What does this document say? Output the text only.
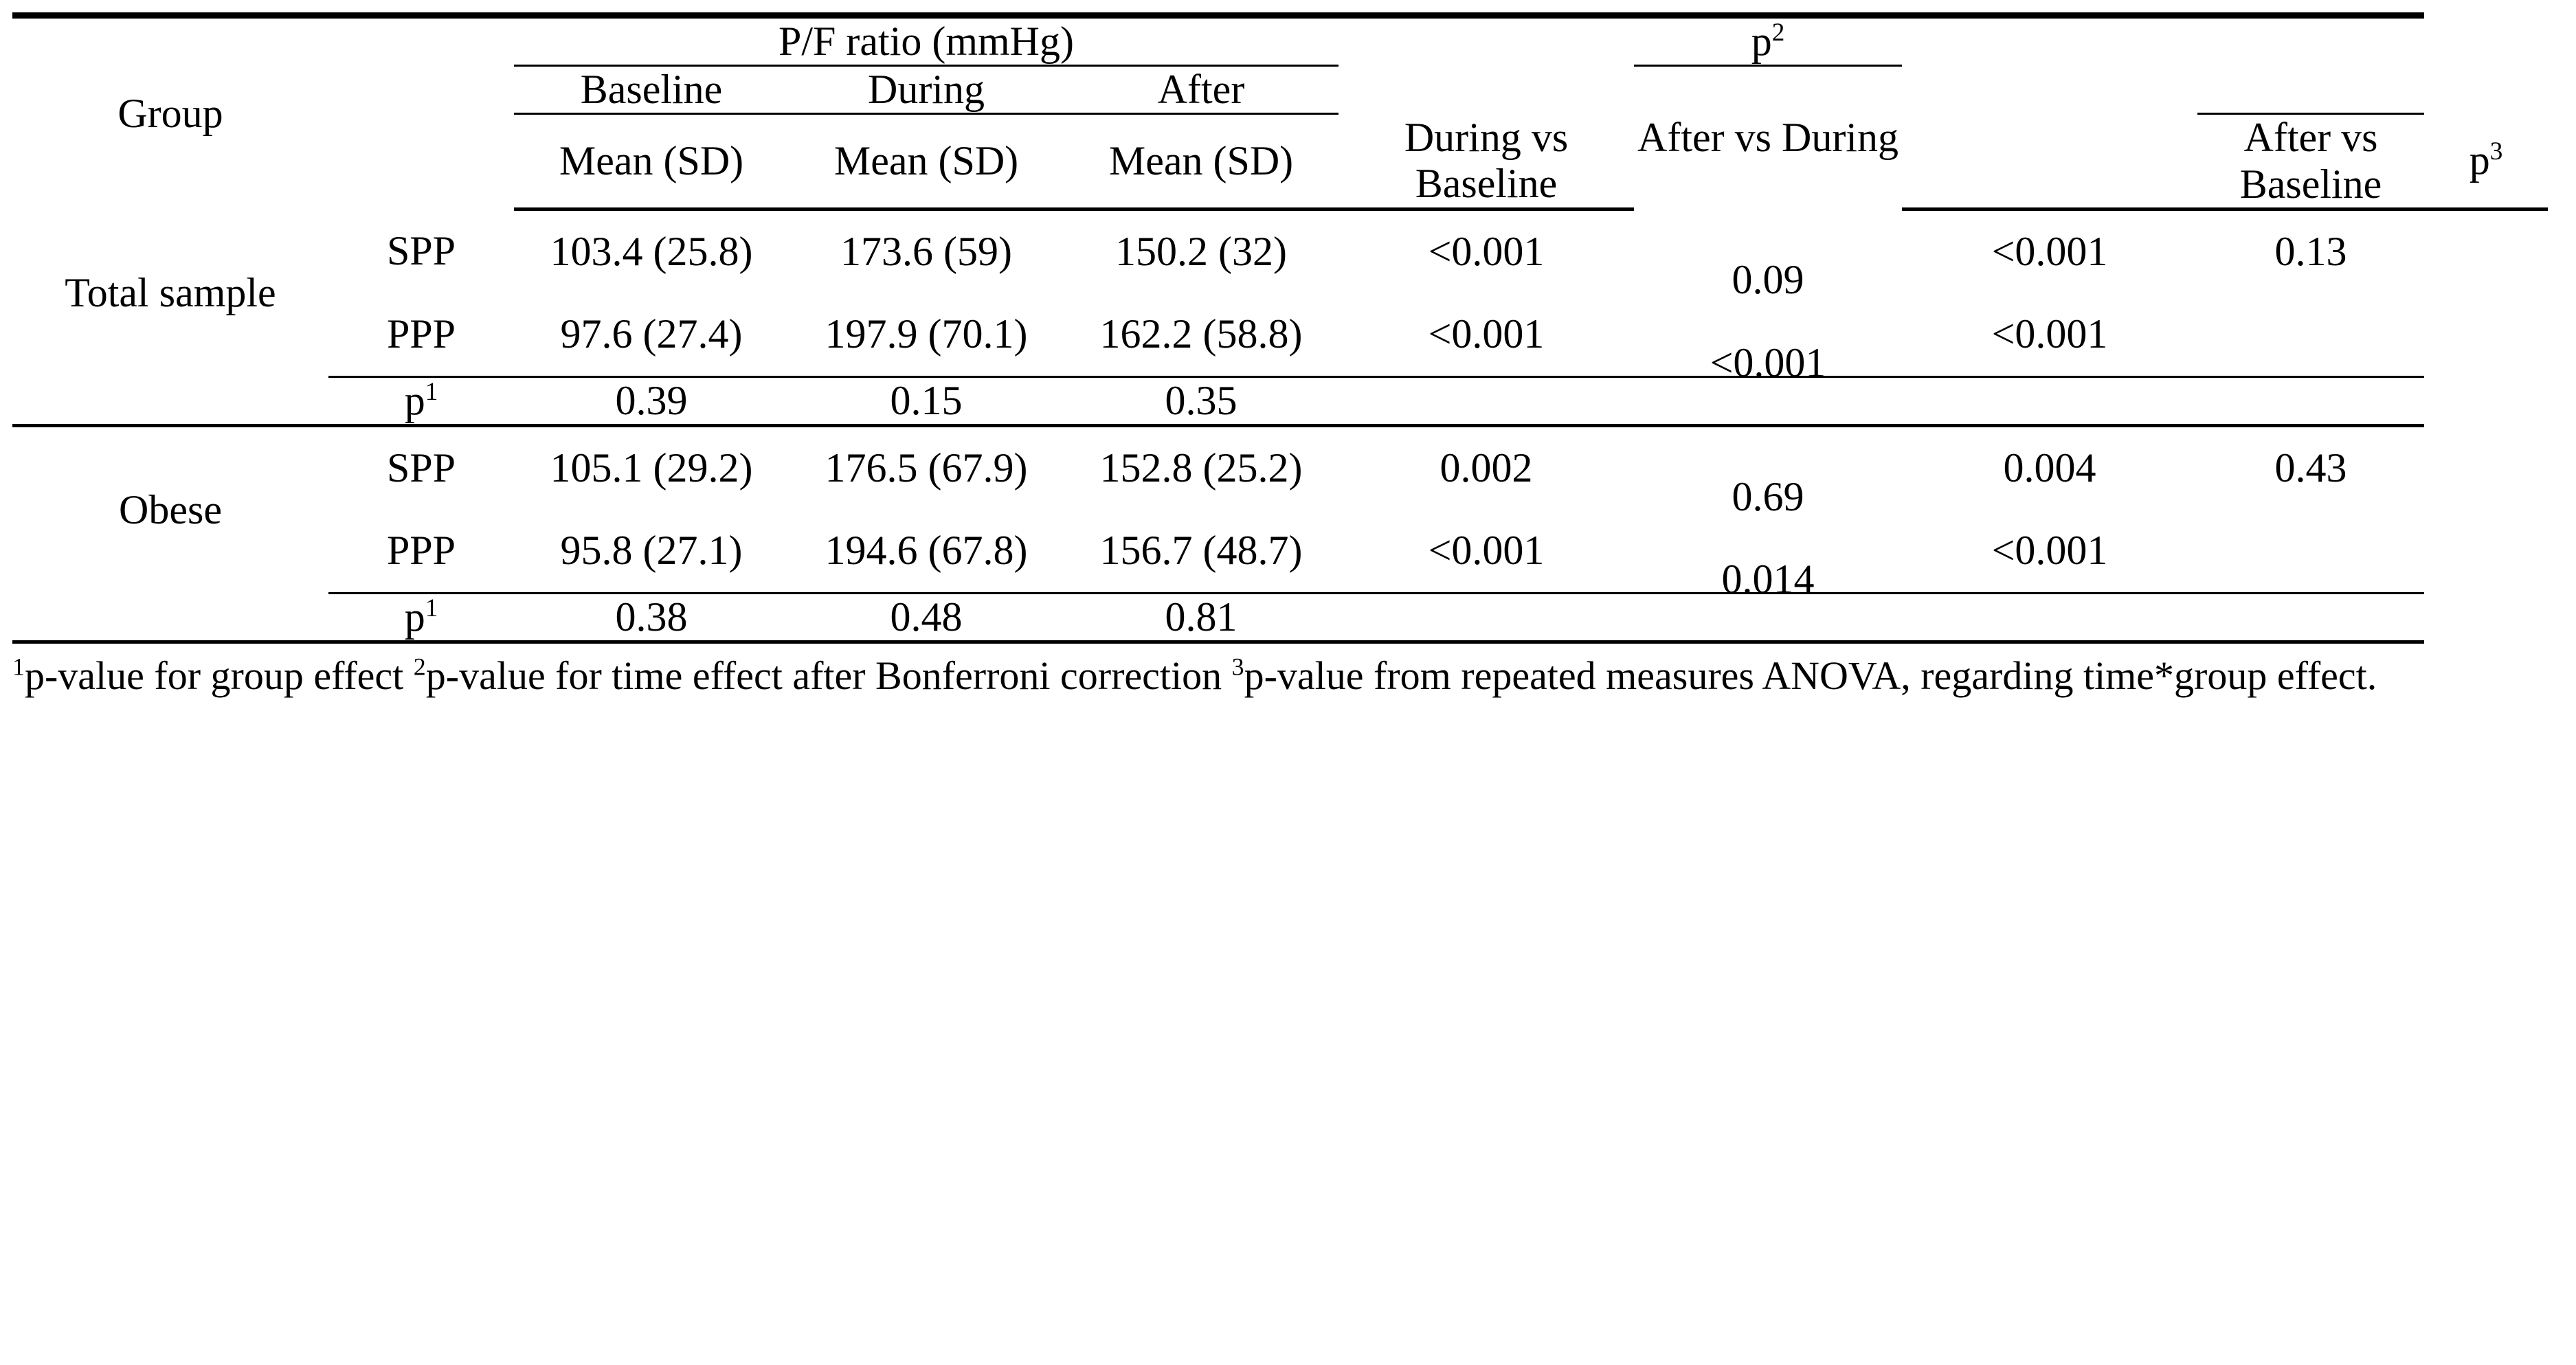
Group		P/F ratio (mmHg)				$p^2$		
		Baseline	During	After		After vs During			
		Mean (SD)	Mean (SD)	Mean (SD)	During vs Baseline			After vs Baseline	$p^3$
Total sample	SPP	103.4 (25.8)	173.6 (59)	150.2 (32)	<0.001	0.09	<0.001	0.13	
	PPP	97.6 (27.4)	197.9 (70.1)	162.2 (58.8)	<0.001	<0.001	<0.001		
	$p^1$	0.39	0.15	0.35					
Obese	SPP	105.1 (29.2)	176.5 (67.9)	152.8 (25.2)	0.002	0.69	0.004	0.43	
	PPP	95.8 (27.1)	194.6 (67.8)	156.7 (48.7)	<0.001	0.014	<0.001		
	$p^1$	0.38	0.48	0.81					
$^1$p-value for group effect $^2$p-value for time effect after Bonferroni correction $^3$p-value from repeated measures ANOVA, regarding time*group effect.
